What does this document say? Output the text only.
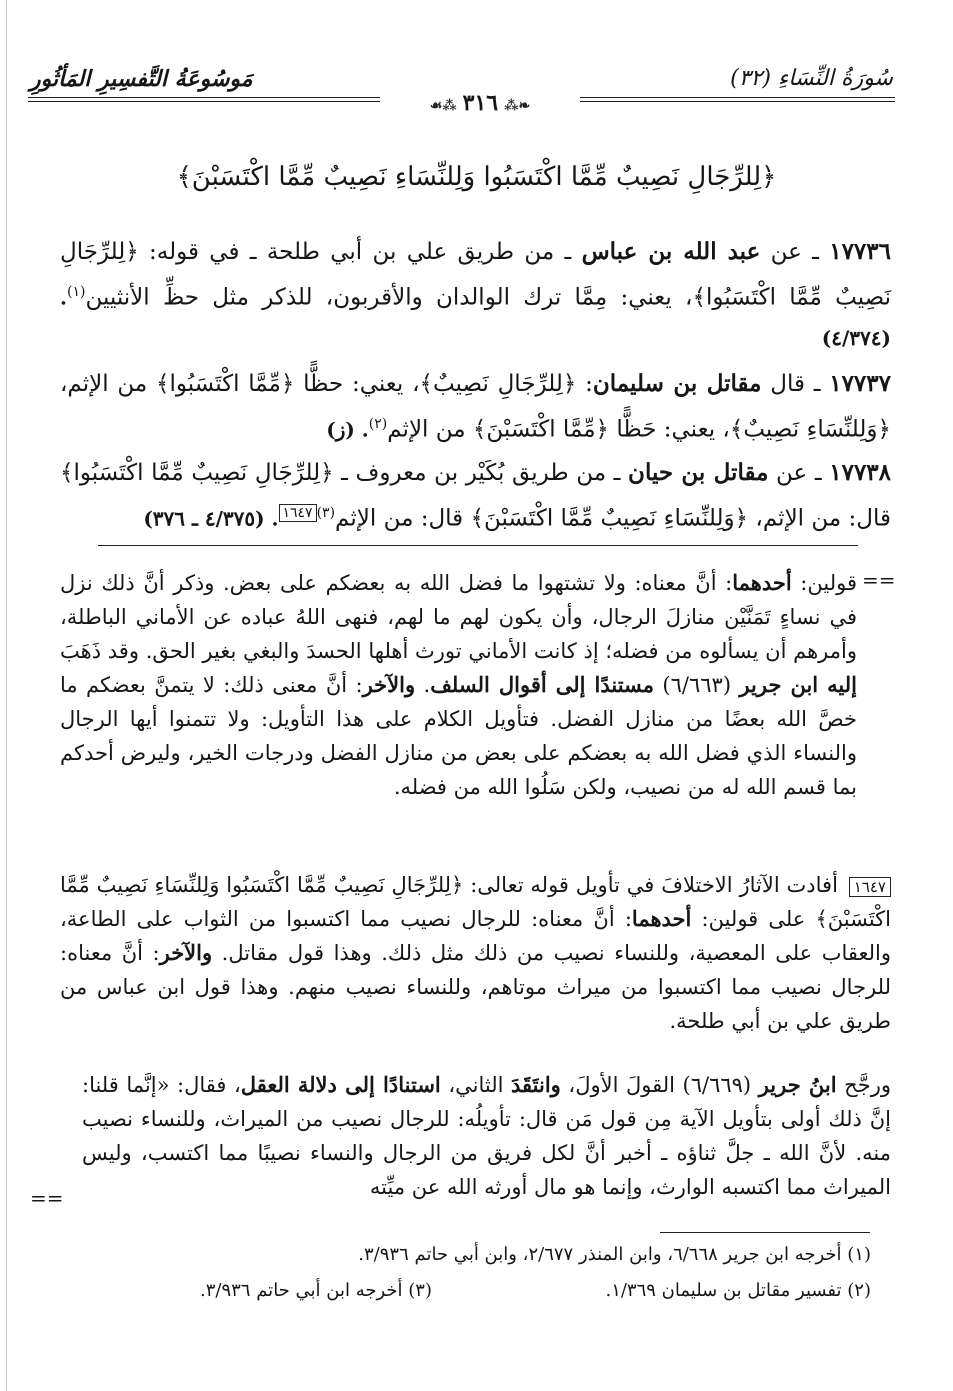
مَوسُوعَةُ التَّفسِيرِ المَأثُورِ	سُورَةُ النِّسَاءِ (٣٢)
❧⁂٣١٦⁂☙
﴿لِلرِّجَالِ نَصِيبٌ مِّمَّا اكْتَسَبُوا وَلِلنِّسَاءِ نَصِيبٌ مِّمَّا اكْتَسَبْنَ﴾
١٧٧٣٦ ـ عن عبد الله بن عباس ـ من طريق علي بن أبي طلحة ـ في قوله: ﴿لِلرِّجَالِ نَصِيبٌ مِّمَّا اكْتَسَبُوا﴾، يعني: مِمَّا ترك الوالدان والأقربون، للذكر مثل حظِّ الأنثيين$^{(١)}$. (٤/٣٧٤)
١٧٧٣٧ ـ قال مقاتل بن سليمان: ﴿لِلرِّجَالِ نَصِيبٌ﴾، يعني: حظًّا ﴿مِّمَّا اكْتَسَبُوا﴾ من الإثم، ﴿وَلِلنِّسَاءِ نَصِيبٌ﴾، يعني: حَظًّا ﴿مِّمَّا اكْتَسَبْنَ﴾ من الإثم$^{(٢)}$. (ز)
١٧٧٣٨ ـ عن مقاتل بن حيان ـ من طريق بُكَيْر بن معروف ـ ﴿لِلرِّجَالِ نَصِيبٌ مِّمَّا اكْتَسَبُوا﴾ قال: من الإثم، ﴿وَلِلنِّسَاءِ نَصِيبٌ مِّمَّا اكْتَسَبْنَ﴾ قال: من الإثم$^{(٣)}$١٦٤٧. (٤/٣٧٥ ـ ٣٧٦)
==
قولين: أحدهما: أنَّ معناه: ولا تشتهوا ما فضل الله به بعضكم على بعض. وذكر أنَّ ذلك نزل في نساءٍ تَمَنَّيْن منازلَ الرجال، وأن يكون لهم ما لهم، فنهى اللهُ عباده عن الأماني الباطلة، وأمرهم أن يسألوه من فضله؛ إذ كانت الأماني تورث أهلها الحسدَ والبغي بغير الحق. وقد ذَهَبَ إليه ابن جرير (٦/٦٦٣) مستندًا إلى أقوال السلف. والآخر: أنَّ معنى ذلك: لا يتمنَّ بعضكم ما خصَّ الله بعضًا من منازل الفضل. فتأويل الكلام على هذا التأويل: ولا تتمنوا أيها الرجال والنساء الذي فضل الله به بعضكم على بعض من منازل الفضل ودرجات الخير، وليرض أحدكم بما قسم الله له من نصيب، ولكن سَلُوا الله من فضله.
١٦٤٧ أفادت الآثارُ الاختلافَ في تأويل قوله تعالى: ﴿لِلرِّجَالِ نَصِيبٌ مِّمَّا اكْتَسَبُوا وَلِلنِّسَاءِ نَصِيبٌ مِّمَّا اكْتَسَبْنَ﴾ على قولين: أحدهما: أنَّ معناه: للرجال نصيب مما اكتسبوا من الثواب على الطاعة، والعقاب على المعصية، وللنساء نصيب من ذلك مثل ذلك. وهذا قول مقاتل. والآخر: أنَّ معناه: للرجال نصيب مما اكتسبوا من ميراث موتاهم، وللنساء نصيب منهم. وهذا قول ابن عباس من طريق علي بن أبي طلحة.
ورجَّح ابنُ جرير (٦/٦٦٩) القولَ الأولَ، وانتَقَدَ الثاني، استنادًا إلى دلالة العقل، فقال: «إنَّما قلنا: إنَّ ذلك أولى بتأويل الآية مِن قول مَن قال: تأويلُه: للرجال نصيب من الميراث، وللنساء نصيب منه. لأنَّ الله ـ جلَّ ثناؤه ـ أخبر أنَّ لكل فريق من الرجال والنساء نصيبًا مما اكتسب، وليس الميراث مما اكتسبه الوارث، وإنما هو مال أورثه الله عن ميِّته
==
(١) أخرجه ابن جرير ٦/٦٦٨، وابن المنذر ٢/٦٧٧، وابن أبي حاتم ٣/٩٣٦.
(٢) تفسير مقاتل بن سليمان ١/٣٦٩.
(٣) أخرجه ابن أبي حاتم ٣/٩٣٦.
